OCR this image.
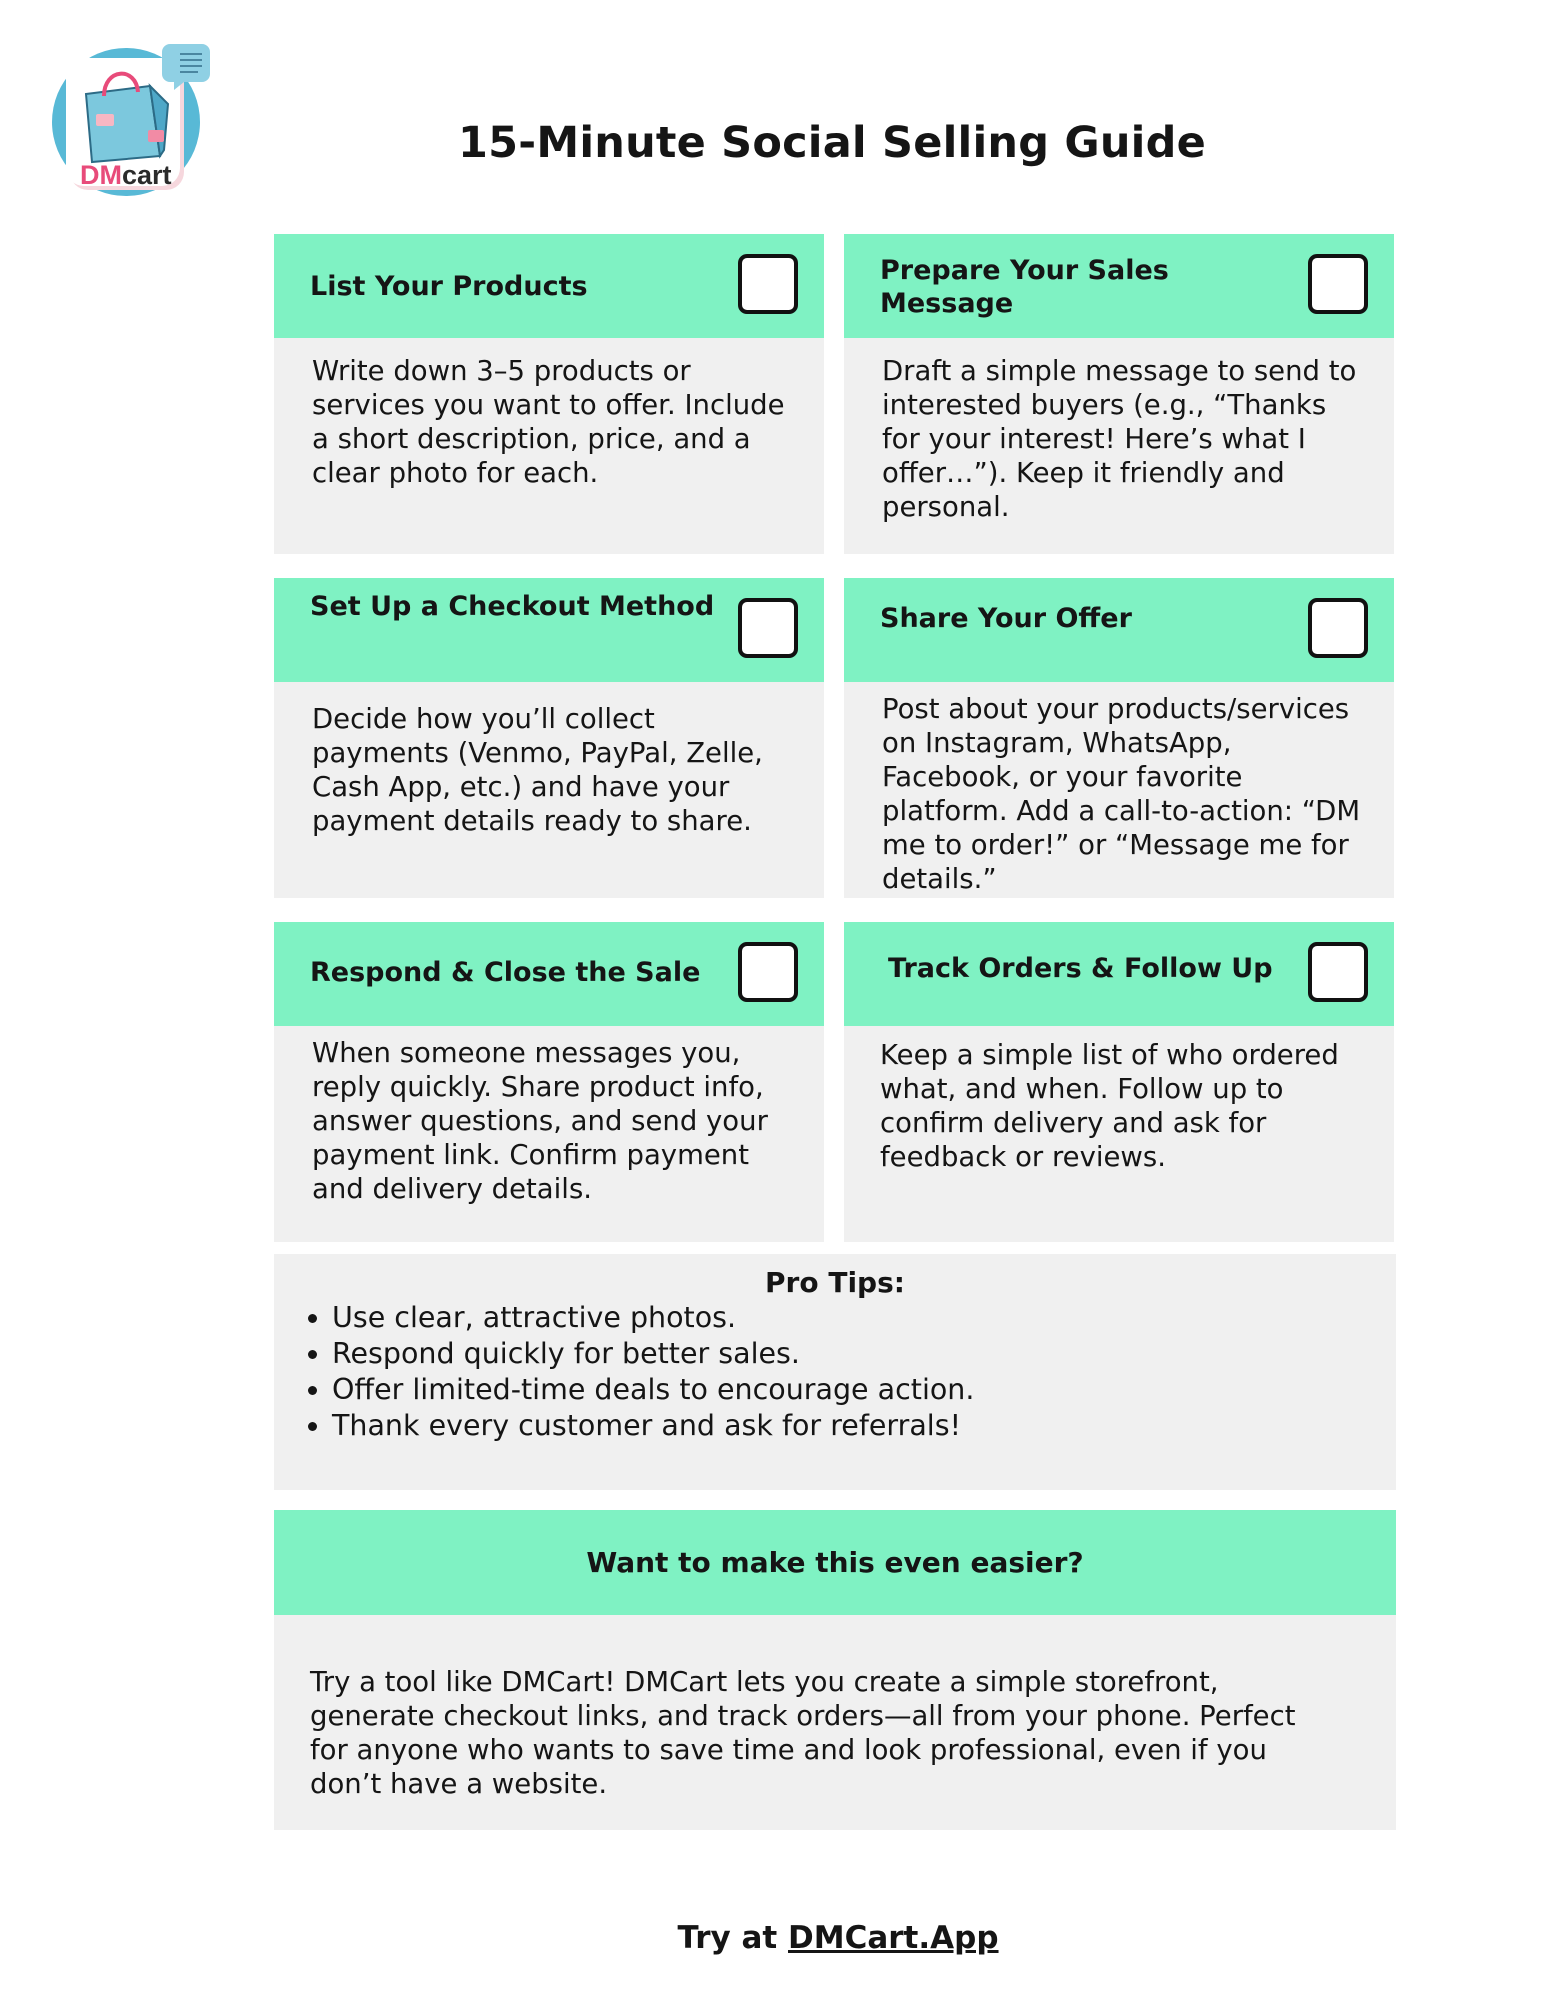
DMcart
15-Minute Social Selling Guide
List Your Products
Write down 3–5 products or services you want to offer. Include a short description, price, and a clear photo for each.
Prepare Your Sales Message
Draft a simple message to send to interested buyers (e.g., “Thanks for your interest! Here’s what I offer…”). Keep it friendly and personal.
Set Up a Checkout Method
Decide how you’ll collect payments (Venmo, PayPal, Zelle, Cash App, etc.) and have your payment details ready to share.
Share Your Offer
Post about your products/services on Instagram, WhatsApp, Facebook, or your favorite platform. Add a call-to-action: “DM me to order!” or “Message me for details.”
Respond & Close the Sale
When someone messages you, reply quickly. Share product info, answer questions, and send your payment link. Confirm payment and delivery details.
Track Orders & Follow Up
Keep a simple list of who ordered what, and when. Follow up to confirm delivery and ask for feedback or reviews.
Pro Tips:
• Use clear, attractive photos.
• Respond quickly for better sales.
• Offer limited-time deals to encourage action.
• Thank every customer and ask for referrals!
Want to make this even easier?
Try a tool like DMCart! DMCart lets you create a simple storefront, generate checkout links, and track orders—all from your phone. Perfect for anyone who wants to save time and look professional, even if you don’t have a website.
Try at DMCart.App
